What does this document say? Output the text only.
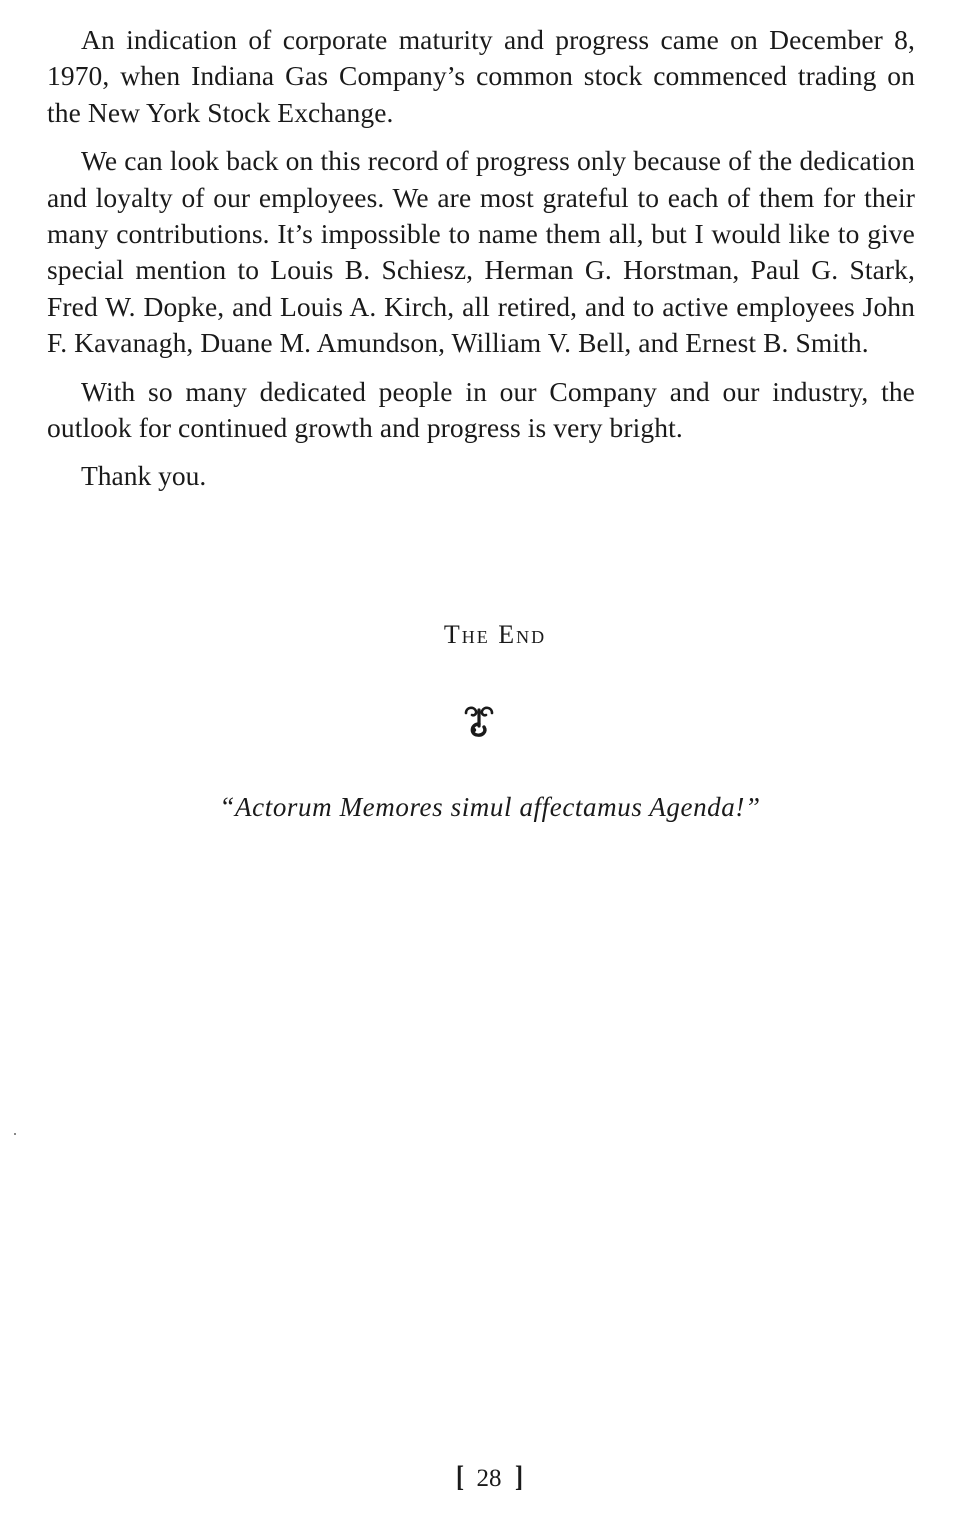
An indication of corporate maturity and progress came on December 8, 1970, when Indiana Gas Company’s common stock commenced trading on the New York Stock Exchange.

We can look back on this record of progress only because of the dedication and loyalty of our employees. We are most grateful to each of them for their many contributions. It’s impossible to name them all, but I would like to give special mention to Louis B. Schiesz, Herman G. Horstman, Paul G. Stark, Fred W. Dopke, and Louis A. Kirch, all retired, and to active employees John F. Kavanagh, Duane M. Amundson, William V. Bell, and Ernest B. Smith.

With so many dedicated people in our Company and our industry, the outlook for continued growth and progress is very bright.

Thank you.

The End

“Actorum Memores simul affectamus Agenda!”

[ 28 ]
